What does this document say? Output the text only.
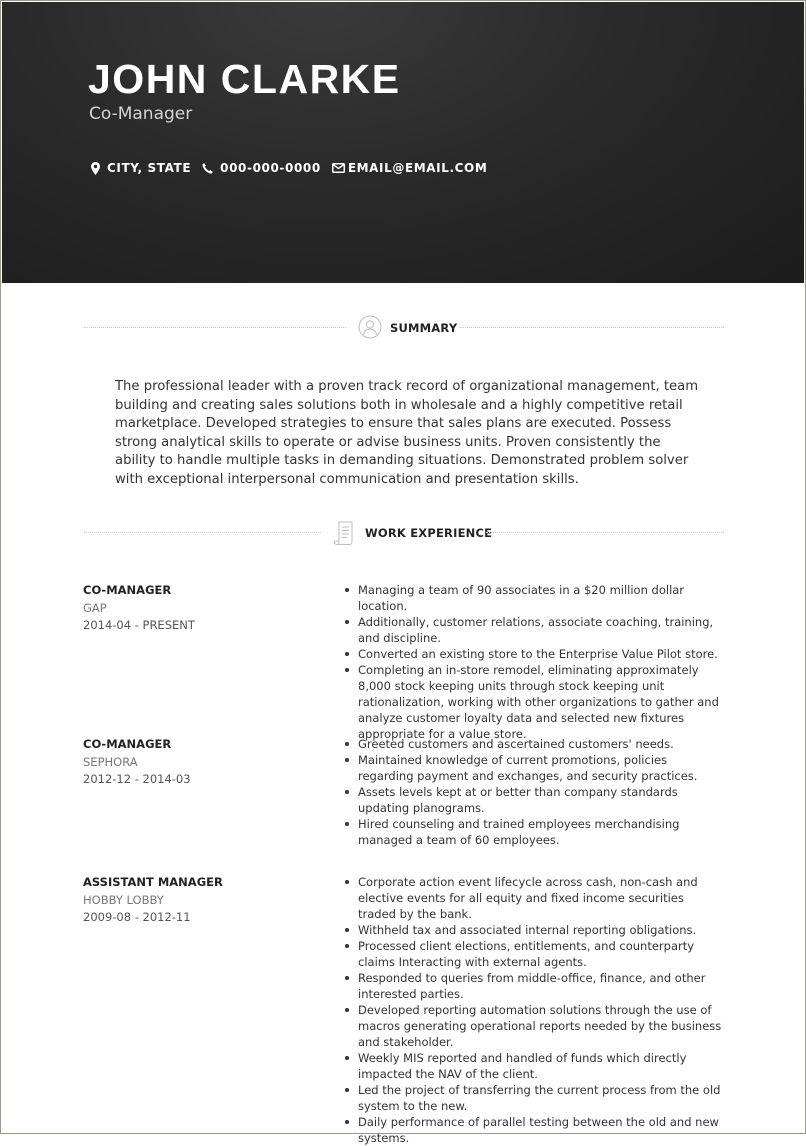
JOHN CLARKE
Co-Manager
CITY, STATE 000-000-0000 EMAIL@EMAIL.COM
SUMMARY
The professional leader with a proven track record of organizational management, team building and creating sales solutions both in wholesale and a highly competitive retail marketplace. Developed strategies to ensure that sales plans are executed. Possess strong analytical skills to operate or advise business units. Proven consistently the ability to handle multiple tasks in demanding situations. Demonstrated problem solver with exceptional interpersonal communication and presentation skills.
WORK EXPERIENCE
CO-MANAGER
GAP
2014-04 - PRESENT
Managing a team of 90 associates in a $20 million dollar location.
Additionally, customer relations, associate coaching, training, and discipline.
Converted an existing store to the Enterprise Value Pilot store.
Completing an in-store remodel, eliminating approximately 8,000 stock keeping units through stock keeping unit rationalization, working with other organizations to gather and analyze customer loyalty data and selected new fixtures appropriate for a value store.
CO-MANAGER
SEPHORA
2012-12 - 2014-03
Greeted customers and ascertained customers' needs.
Maintained knowledge of current promotions, policies regarding payment and exchanges, and security practices.
Assets levels kept at or better than company standards updating planograms.
Hired counseling and trained employees merchandising managed a team of 60 employees.
ASSISTANT MANAGER
HOBBY LOBBY
2009-08 - 2012-11
Corporate action event lifecycle across cash, non-cash and elective events for all equity and fixed income securities traded by the bank.
Withheld tax and associated internal reporting obligations.
Processed client elections, entitlements, and counterparty claims Interacting with external agents.
Responded to queries from middle-office, finance, and other interested parties.
Developed reporting automation solutions through the use of macros generating operational reports needed by the business and stakeholder.
Weekly MIS reported and handled of funds which directly impacted the NAV of the client.
Led the project of transferring the current process from the old system to the new.
Daily performance of parallel testing between the old and new systems.
